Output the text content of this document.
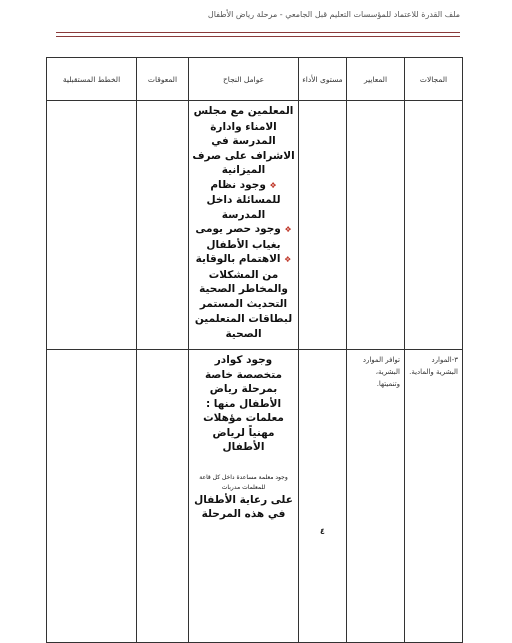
ملف القدرة للاعتماد للمؤسسات التعليم قبل الجامعي - مرحلة رياض الأطفال
المجالات	المعايير	مستوى الأداء	عوامل النجاح	المعوقات	الخطط المستقبلية

			المعلمين مع مجلس الامناء وادارة المدرسة في الاشراف على صرف الميزانية
❖ وجود نظام للمسائلة داخل المدرسة
❖ وجود حصر يومى بغياب الأطفال
❖ الاهتمام بالوقاية من المشكلات والمخاطر الصحية
التحديث المستمر لبطاقات المتعلمين الصحية		

٣-الموارد البشرية والمادية.	توافر الموارد البشرية، وتنميتها.	٤	وجود كوادر متخصصة خاصة بمرحلة رياض الأطفال منها : معلمات مؤهلات مهنياً لرياض الأطفال
وجود معلمة مساعدة داخل كل قاعة
للمعلمات مدربات
على رعاية الأطفال في هذه المرحلة		
